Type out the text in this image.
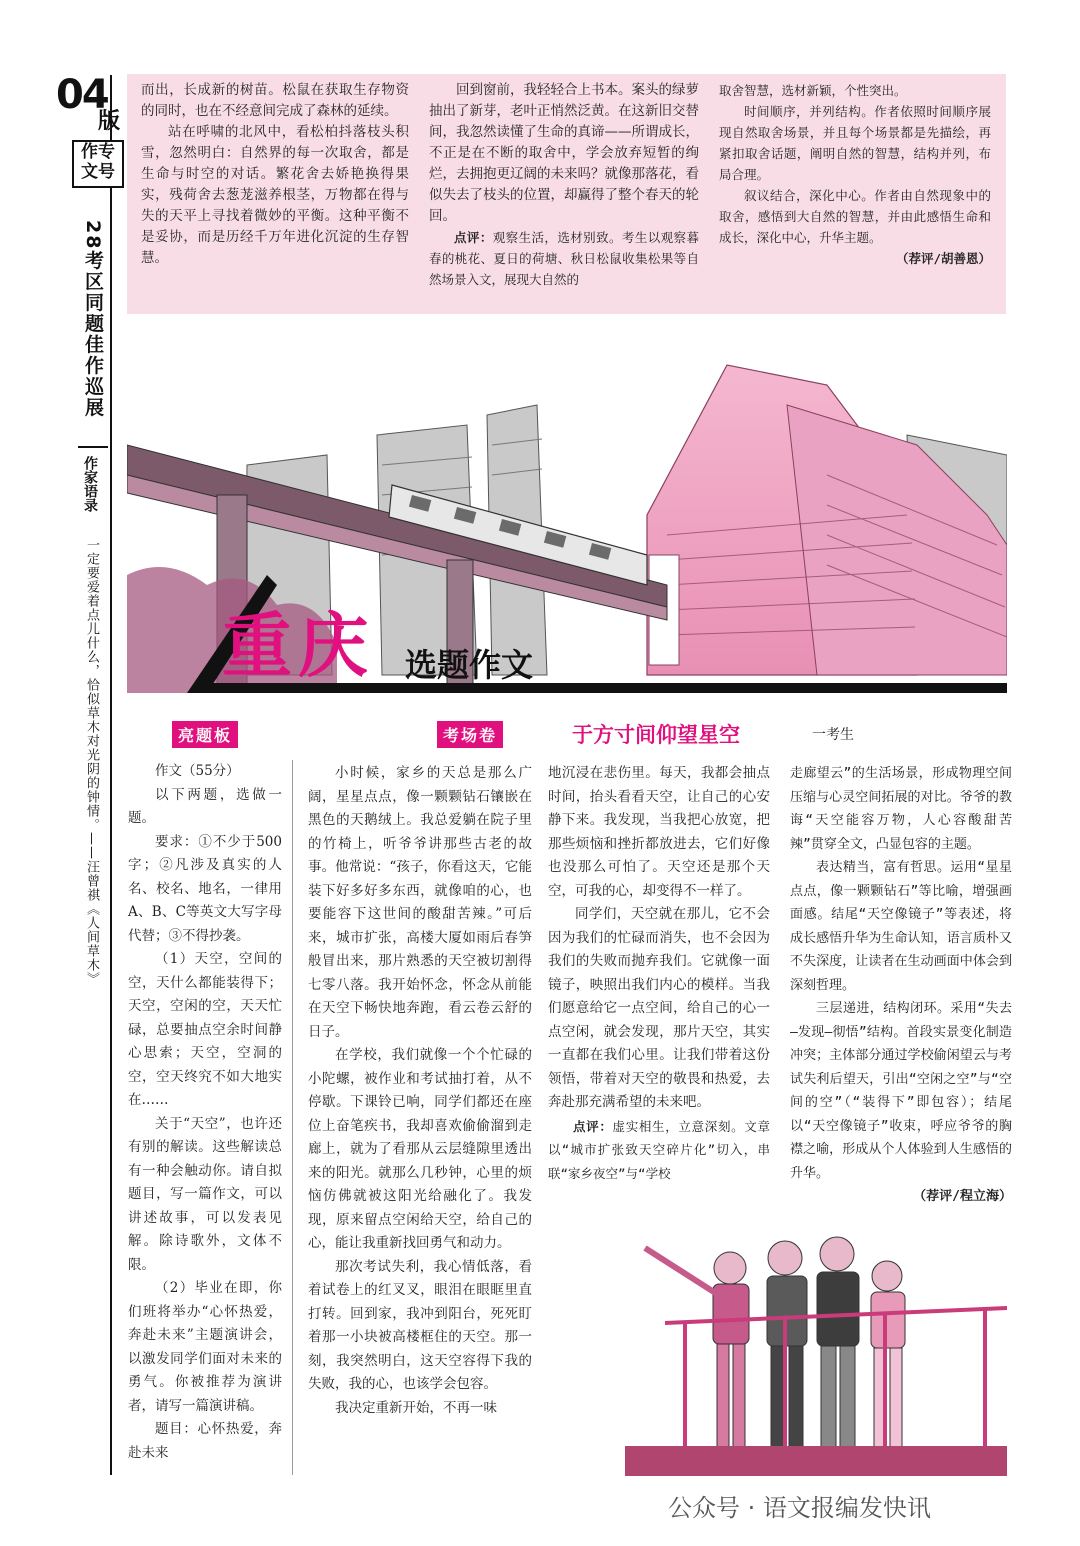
04
版
作专
文号
28考区同题佳作巡展
作家语录
一定要爱着点儿什么，恰似草木对光阴的钟情。——汪曾祺《人间草木》

而出，长成新的树苗。松鼠在获取生存物资的同时，也在不经意间完成了森林的延续。

站在呼啸的北风中，看松柏抖落枝头积雪，忽然明白：自然界的每一次取舍，都是生命与时空的对话。繁花舍去娇艳换得果实，残荷舍去葱茏滋养根茎，万物都在得与失的天平上寻找着微妙的平衡。这种平衡不是妥协，而是历经千万年进化沉淀的生存智慧。

回到窗前，我轻轻合上书本。案头的绿萝抽出了新芽，老叶正悄然泛黄。在这新旧交替间，我忽然读懂了生命的真谛——所谓成长，不正是在不断的取舍中，学会放弃短暂的绚烂，去拥抱更辽阔的未来吗？就像那落花，看似失去了枝头的位置，却赢得了整个春天的轮回。

点评：观察生活，选材别致。考生以观察暮春的桃花、夏日的荷塘、秋日松鼠收集松果等自然场景入文，展现大自然的

取舍智慧，选材新颖，个性突出。

时间顺序，并列结构。作者依照时间顺序展现自然取舍场景，并且每个场景都是先描绘，再紧扣取舍话题，阐明自然的智慧，结构并列，布局合理。

叙议结合，深化中心。作者由自然现象中的取舍，感悟到大自然的智慧，并由此感悟生命和成长，深化中心，升华主题。

（荐评/胡善恩）

重庆 选题作文
亮题板	考场卷	于方寸间仰望星空	一考生

作文（55分）

以下两题，选做一题。

要求：①不少于500字；②凡涉及真实的人名、校名、地名，一律用A、B、C等英文大写字母代替；③不得抄袭。

（1）天空，空间的空，天什么都能装得下；天空，空闲的空，天天忙碌，总要抽点空余时间静心思索；天空，空洞的空，空天终究不如大地实在……

关于“天空”，也许还有别的解读。这些解读总有一种会触动你。请自拟题目，写一篇作文，可以讲述故事，可以发表见解。除诗歌外，文体不限。

（2）毕业在即，你们班将举办“心怀热爱，奔赴未来”主题演讲会，以激发同学们面对未来的勇气。你被推荐为演讲者，请写一篇演讲稿。

题目：心怀热爱，奔赴未来

小时候，家乡的天总是那么广阔，星星点点，像一颗颗钻石镶嵌在黑色的天鹅绒上。我总爱躺在院子里的竹椅上，听爷爷讲那些古老的故事。他常说：“孩子，你看这天，它能装下好多好多东西，就像咱的心，也要能容下这世间的酸甜苦辣。”可后来，城市扩张，高楼大厦如雨后春笋般冒出来，那片熟悉的天空被切割得七零八落。我开始怀念，怀念从前能在天空下畅快地奔跑，看云卷云舒的日子。

在学校，我们就像一个个忙碌的小陀螺，被作业和考试抽打着，从不停歇。下课铃已响，同学们都还在座位上奋笔疾书，我却喜欢偷偷溜到走廊上，就为了看那从云层缝隙里透出来的阳光。就那么几秒钟，心里的烦恼仿佛就被这阳光给融化了。我发现，原来留点空闲给天空，给自己的心，能让我重新找回勇气和动力。

那次考试失利，我心情低落，看着试卷上的红叉叉，眼泪在眼眶里直打转。回到家，我冲到阳台，死死盯着那一小块被高楼框住的天空。那一刻，我突然明白，这天空容得下我的失败，我的心，也该学会包容。

我决定重新开始，不再一味

地沉浸在悲伤里。每天，我都会抽点时间，抬头看看天空，让自己的心安静下来。我发现，当我把心放宽，把那些烦恼和挫折都放进去，它们好像也没那么可怕了。天空还是那个天空，可我的心，却变得不一样了。

同学们，天空就在那儿，它不会因为我们的忙碌而消失，也不会因为我们的失败而抛弃我们。它就像一面镜子，映照出我们内心的模样。当我们愿意给它一点空间，给自己的心一点空闲，就会发现，那片天空，其实一直都在我们心里。让我们带着这份领悟，带着对天空的敬畏和热爱，去奔赴那充满希望的未来吧。

点评：虚实相生，立意深刻。文章以“城市扩张致天空碎片化”切入，串联“家乡夜空”与“学校

走廊望云”的生活场景，形成物理空间压缩与心灵空间拓展的对比。爷爷的教诲“天空能容万物，人心容酸甜苦辣”贯穿全文，凸显包容的主题。

表达精当，富有哲思。运用“星星点点，像一颗颗钻石”等比喻，增强画面感。结尾“天空像镜子”等表述，将成长感悟升华为生命认知，语言质朴又不失深度，让读者在生动画面中体会到深刻哲理。

三层递进，结构闭环。采用“失去—发现—彻悟”结构。首段实景变化制造冲突；主体部分通过学校偷闲望云与考试失利后望天，引出“空闲之空”与“空间的空”（“装得下”即包容）；结尾以“天空像镜子”收束，呼应爷爷的胸襟之喻，形成从个人体验到人生感悟的升华。

（荐评/程立海）

公众号 · 语文报编发快讯
